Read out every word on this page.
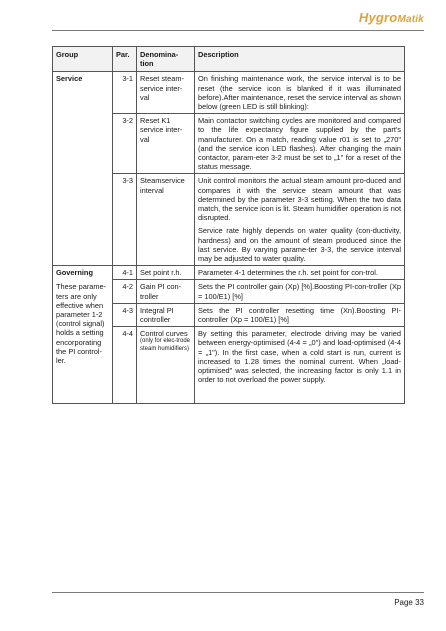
HygroMatik
Group	Par.	Denomina-tion	Description
Service	3-1	Reset steam-service inter-val	On finishing maintenance work, the service interval is to be reset (the service icon is blanked if it was illuminated before).After maintenance, reset the service interval as shown below (green LED is still blinking):

	3-2	Reset K1 service inter-val	Main contactor switching cycles are monitored and compared to the life expectancy figure supplied by the part's manufacturer. On a match, reading value r01 is set to „270" (and the service icon LED flashes). After changing the main contactor, param-eter 3-2 must be set to „1" for a reset of the status message.

	3-3	Steamservice interval	Unit control monitors the actual steam amount pro-duced and compares it with the service steam amount that was determined by the parameter 3-3 setting. When the two data match, the service icon is lit. Steam humidifier operation is not disrupted.

Service rate highly depends on water quality (con-ductivity, hardness) and on the amount of steam produced since the last service. By varying parame-ter 3-3, the service interval may be adjusted to water quality.

Governing
These parame-ters are only effective when parameter 1-2 (control signal) holds a setting encorporating the PI control-ler.	4-1	Set point r.h.	Parameter 4-1 determines the r.h. set point for con-trol.

	4-2	Gain PI con-troller	Sets the PI controller gain (Xp) [%].Boosting PI-con-troller (Xp = 100/E1) [%]

	4-3	Integral PI controller	Sets the PI controller resetting time (Xn).Boosting PI-controller (Xp = 100/E1) [%]

	4-4	Control curves
(only for elec-trode steam humidifiers)	By setting this parameter, electrode driving may be varied between energy-optimised (4-4 = „0") and load-optimised (4-4 = „1"). In the first case, when a cold start is run, current is increased to 1.28 times the nominal current. When „load-optimised" was selected, the increasing factor is only 1.1 in order to not overload the power supply.

Page 33
